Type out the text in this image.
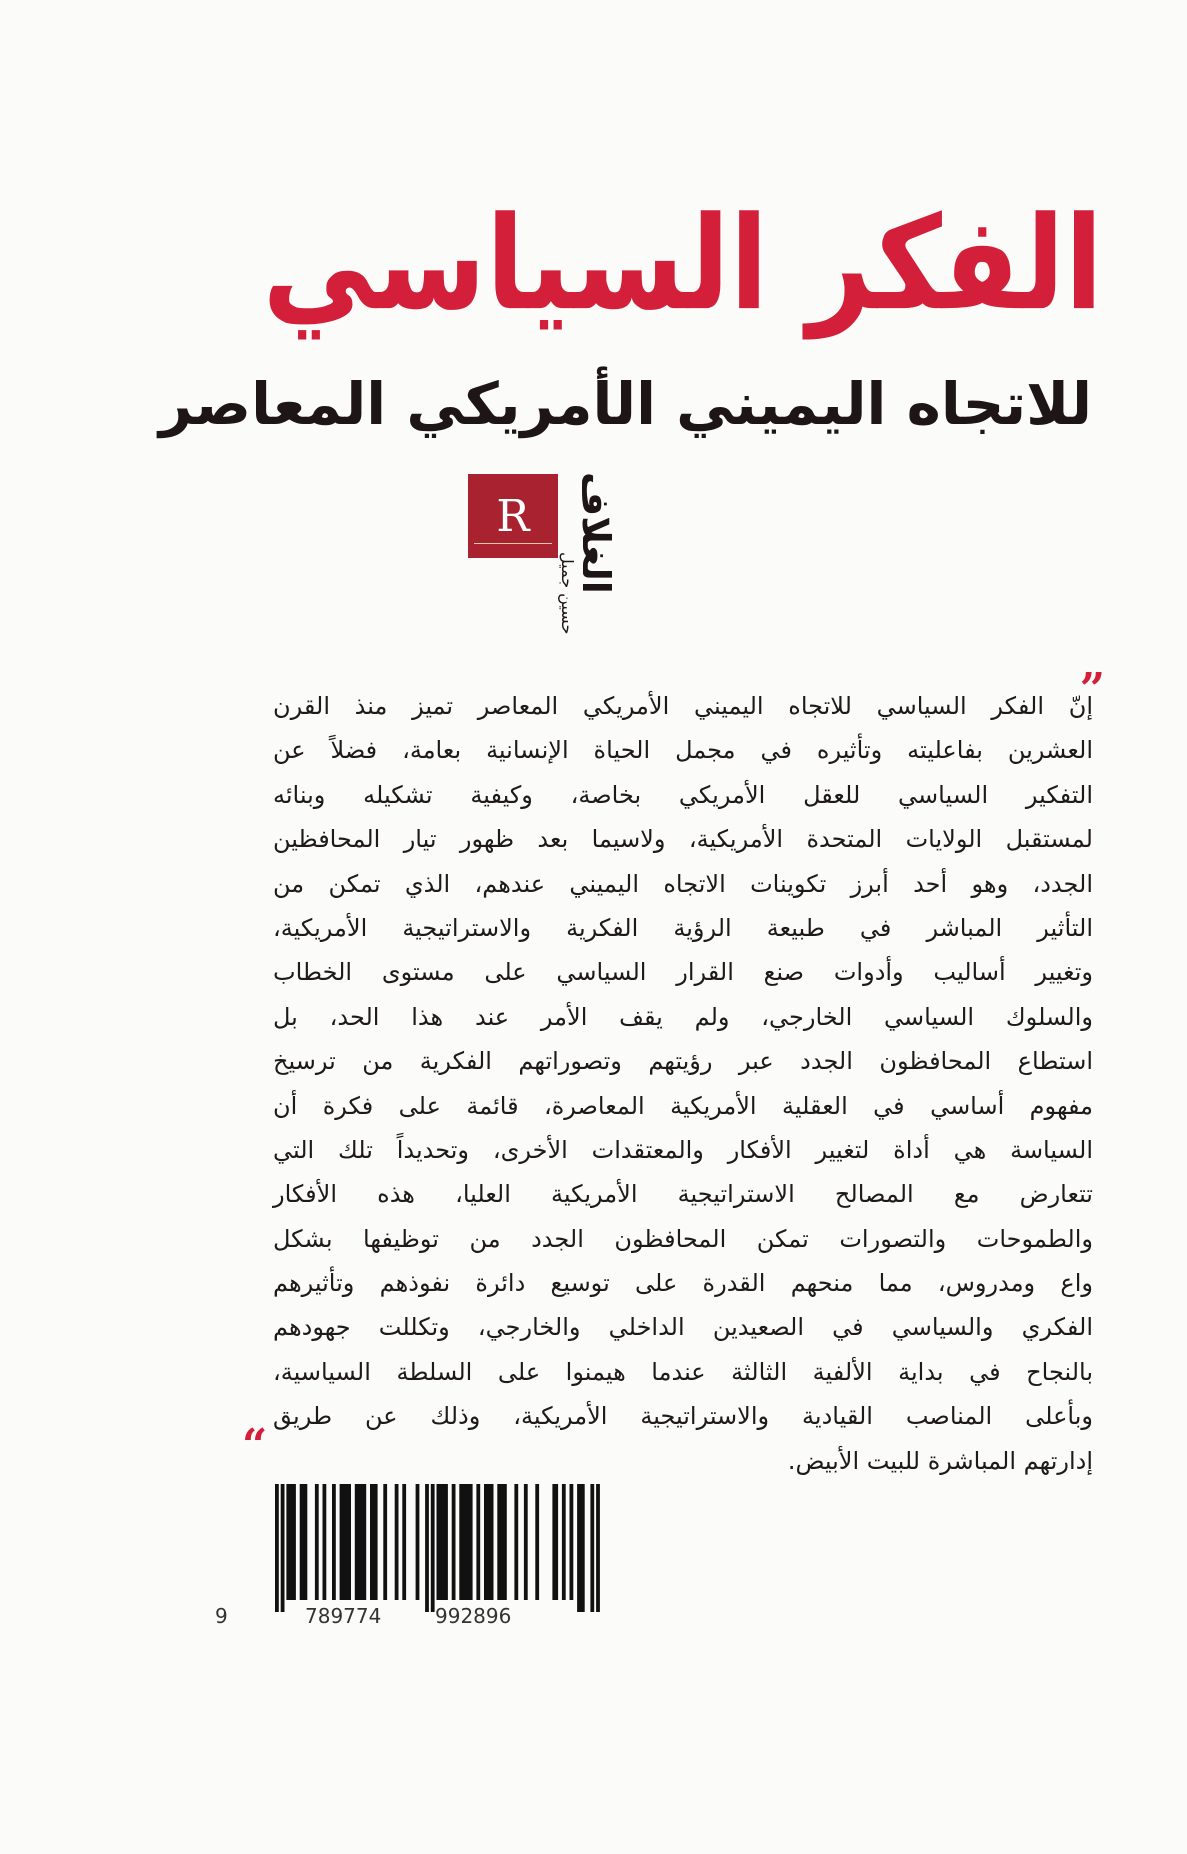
الفكر السياسي
للاتجاه اليميني الأمريكي المعاصر
R الغلاف
حسين جميل
”
إنّ الفكر السياسي للاتجاه اليميني الأمريكي المعاصر تميز منذ القرن
العشرين بفاعليته وتأثيره في مجمل الحياة الإنسانية بعامة، فضلاً عن
التفكير السياسي للعقل الأمريكي بخاصة، وكيفية تشكيله وبنائه
لمستقبل الولايات المتحدة الأمريكية، ولاسيما بعد ظهور تيار المحافظين
الجدد، وهو أحد أبرز تكوينات الاتجاه اليميني عندهم، الذي تمكن من
التأثير المباشر في طبيعة الرؤية الفكرية والاستراتيجية الأمريكية،
وتغيير أساليب وأدوات صنع القرار السياسي على مستوى الخطاب
والسلوك السياسي الخارجي، ولم يقف الأمر عند هذا الحد، بل
استطاع المحافظون الجدد عبر رؤيتهم وتصوراتهم الفكرية من ترسيخ
مفهوم أساسي في العقلية الأمريكية المعاصرة، قائمة على فكرة أن
السياسة هي أداة لتغيير الأفكار والمعتقدات الأخرى، وتحديداً تلك التي
تتعارض مع المصالح الاستراتيجية الأمريكية العليا، هذه الأفكار
والطموحات والتصورات تمكن المحافظون الجدد من توظيفها بشكل
واع ومدروس، مما منحهم القدرة على توسيع دائرة نفوذهم وتأثيرهم
الفكري والسياسي في الصعيدين الداخلي والخارجي، وتكللت جهودهم
بالنجاح في بداية الألفية الثالثة عندما هيمنوا على السلطة السياسية،
وبأعلى المناصب القيادية والاستراتيجية الأمريكية، وذلك عن طريق
إدارتهم المباشرة للبيت الأبيض.
“
9	789774	992896
